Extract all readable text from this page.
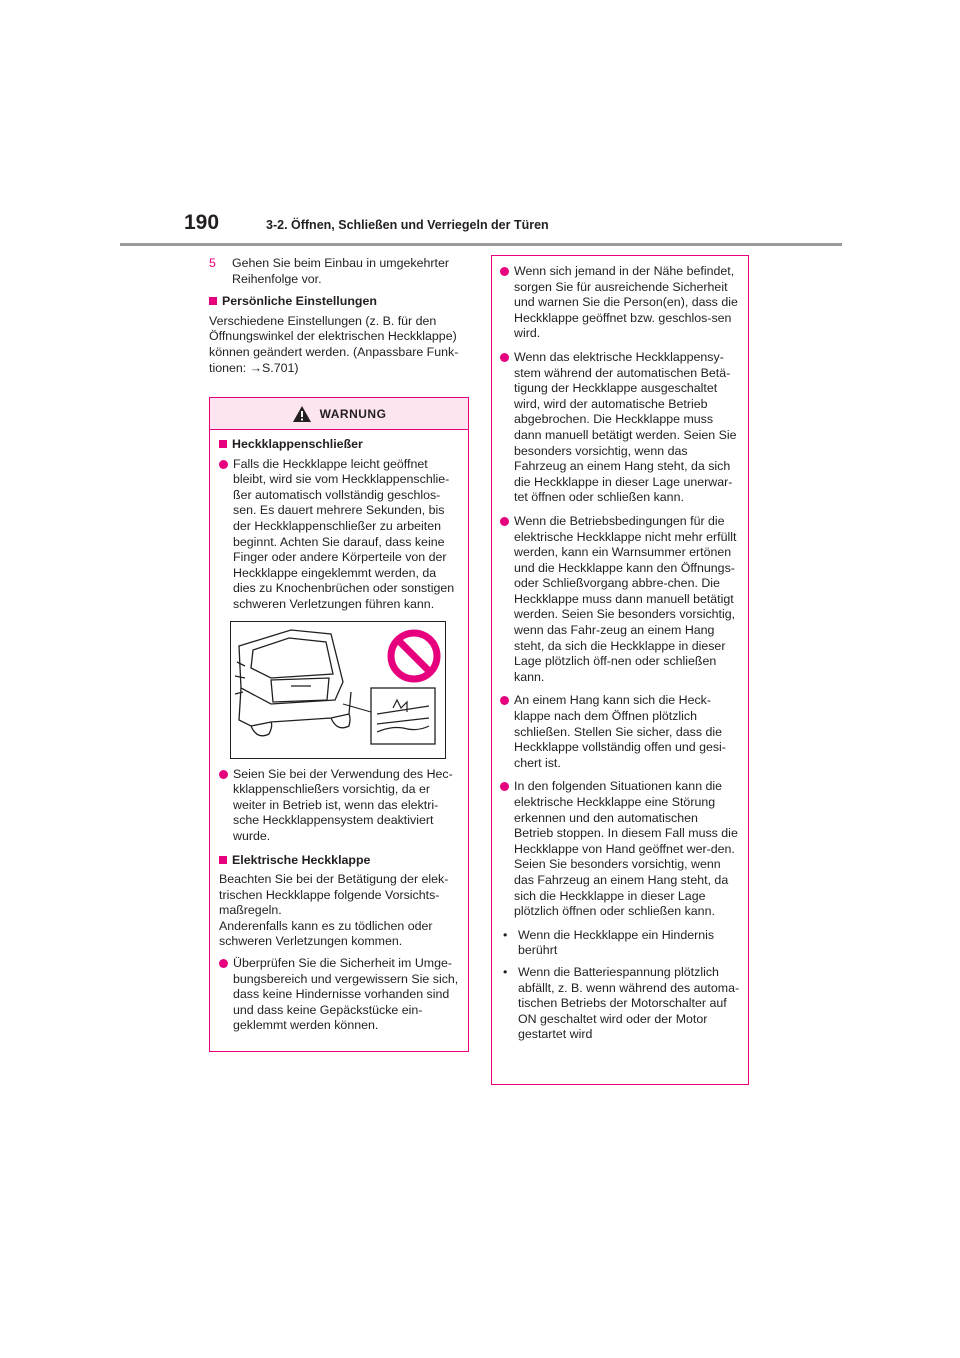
190	3-2. Öffnen, Schließen und Verriegeln der Türen
5	Gehen Sie beim Einbau in umgekehrter Reihenfolge vor.
Persönliche Einstellungen
Verschiedene Einstellungen (z. B. für den Öffnungswinkel der elektrischen Heckklappe) können geändert werden. (Anpassbare Funk-tionen: →S.701)
WARNUNG
Heckklappenschließer
Falls die Heckklappe leicht geöffnet bleibt, wird sie vom Heckklappenschlie-ßer automatisch vollständig geschlos-sen. Es dauert mehrere Sekunden, bis der Heckklappenschließer zu arbeiten beginnt. Achten Sie darauf, dass keine Finger oder andere Körperteile von der Heckklappe eingeklemmt werden, da dies zu Knochenbrüchen oder sonstigen schweren Verletzungen führen kann.
Seien Sie bei der Verwendung des Hec-kklappenschließers vorsichtig, da er weiter in Betrieb ist, wenn das elektri-sche Heckklappensystem deaktiviert wurde.
Elektrische Heckklappe
Beachten Sie bei der Betätigung der elek-trischen Heckklappe folgende Vorsichts-maßregeln.
Anderenfalls kann es zu tödlichen oder schweren Verletzungen kommen.
Überprüfen Sie die Sicherheit im Umge-bungsbereich und vergewissern Sie sich, dass keine Hindernisse vorhanden sind und dass keine Gepäckstücke ein-geklemmt werden können.
Wenn sich jemand in der Nähe befindet, sorgen Sie für ausreichende Sicherheit und warnen Sie die Person(en), dass die Heckklappe geöffnet bzw. geschlos-sen wird.
Wenn das elektrische Heckklappensy-stem während der automatischen Betä-tigung der Heckklappe ausgeschaltet wird, wird der automatische Betrieb abgebrochen. Die Heckklappe muss dann manuell betätigt werden. Seien Sie besonders vorsichtig, wenn das Fahrzeug an einem Hang steht, da sich die Heckklappe in dieser Lage unerwar-tet öffnen oder schließen kann.
Wenn die Betriebsbedingungen für die elektrische Heckklappe nicht mehr erfüllt werden, kann ein Warnsummer ertönen und die Heckklappe kann den Öffnungs- oder Schließvorgang abbre-chen. Die Heckklappe muss dann manuell betätigt werden. Seien Sie besonders vorsichtig, wenn das Fahr-zeug an einem Hang steht, da sich die Heckklappe in dieser Lage plötzlich öff-nen oder schließen kann.
An einem Hang kann sich die Heck-klappe nach dem Öffnen plötzlich schließen. Stellen Sie sicher, dass die Heckklappe vollständig offen und gesi-chert ist.
In den folgenden Situationen kann die elektrische Heckklappe eine Störung erkennen und den automatischen Betrieb stoppen. In diesem Fall muss die Heckklappe von Hand geöffnet wer-den. Seien Sie besonders vorsichtig, wenn das Fahrzeug an einem Hang steht, da sich die Heckklappe in dieser Lage plötzlich öffnen oder schließen kann.
• Wenn die Heckklappe ein Hindernis berührt
• Wenn die Batteriespannung plötzlich abfällt, z. B. wenn während des automa-tischen Betriebs der Motorschalter auf ON geschaltet wird oder der Motor gestartet wird
